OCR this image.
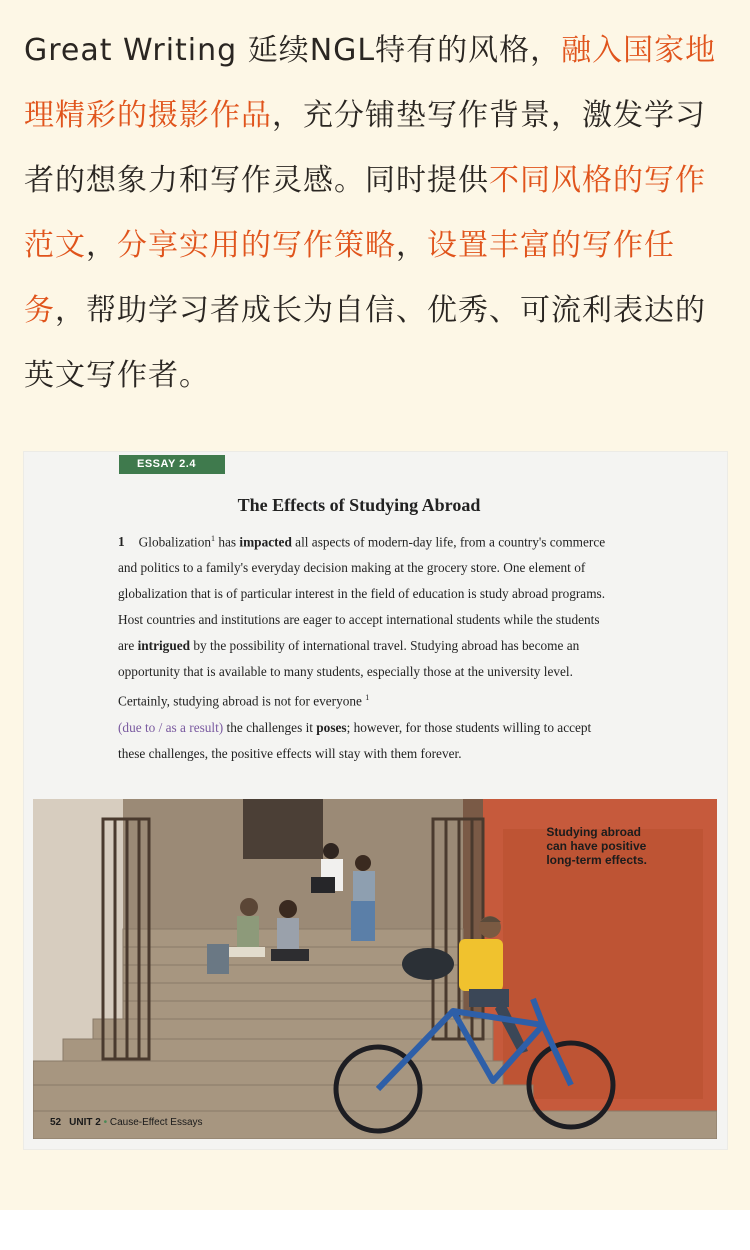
Great Writing 延续NGL特有的风格，融入国家地理精彩的摄影作品，充分铺垫写作背景，激发学习者的想象力和写作灵感。同时提供不同风格的写作范文，分享实用的写作策略，设置丰富的写作任务，帮助学习者成长为自信、优秀、可流利表达的英文写作者。
ESSAY 2.4
The Effects of Studying Abroad
1 Globalization$^1$ has impacted all aspects of modern-day life, from a country's commerce and politics to a family's everyday decision making at the grocery store. One element of globalization that is of particular interest in the field of education is study abroad programs. Host countries and institutions are eager to accept international students while the students are intrigued by the possibility of international travel. Studying abroad has become an opportunity that is available to many students, especially those at the university level. Certainly, studying abroad is not for everyone $^1$
(due to / as a result) the challenges it poses; however, for those students willing to accept these challenges, the positive effects will stay with them forever.
Studying abroad
can have positive
long-term effects.
52 UNIT 2 • Cause-Effect Essays
